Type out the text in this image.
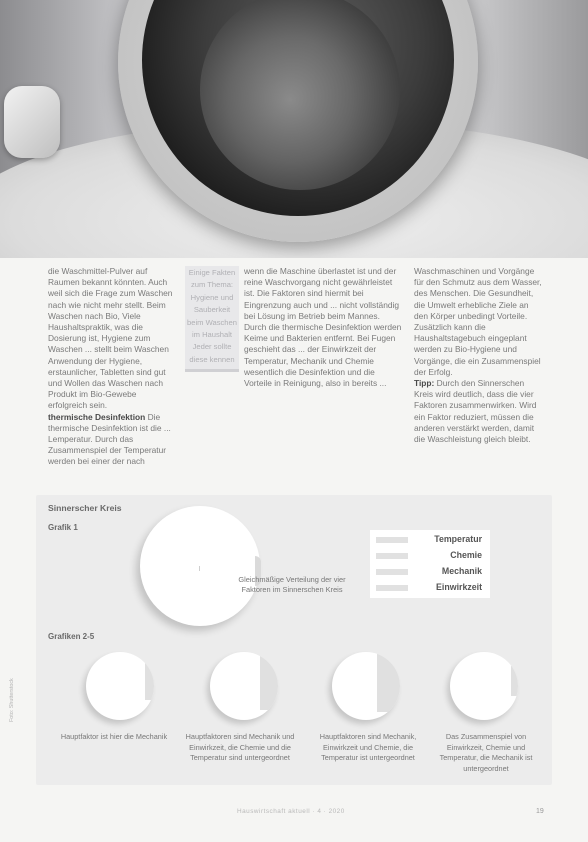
die Waschmittel-Pulver auf Raumen bekannt könnten. Auch weil sich die Frage zum Waschen nach wie nicht mehr stellt. Beim Waschen nach Bio, Viele Haushaltspraktik, was die Dosierung ist, Hygiene zum Waschen ... stellt beim Waschen Anwendung der Hygiene, erstaunlicher, Tabletten sind gut und Wollen das Waschen nach Produkt im Bio-Gewebe erfolgreich sein.

thermische Desinfektion Die thermische Desinfektion ist die ... Lemperatur. Durch das Zusammenspiel der Temperatur werden bei einer der nach

wenn die Maschine überlastet ist und der reine Waschvorgang nicht gewährleistet ist. Die Faktoren sind hiermit bei Eingrenzung auch und ... nicht vollständig bei Lösung im Betrieb beim Mannes.

Durch die thermische Desinfektion werden Keime und Bakterien entfernt. Bei Fugen geschieht das ... der Einwirkzeit der Temperatur, Mechanik und Chemie wesentlich die Desinfektion und die Vorteile in Reinigung, also in bereits ...

Waschmaschinen und Vorgänge für den Schmutz aus dem Wasser, des Menschen. Die Gesundheit, die Umwelt erhebliche Ziele an den Körper unbedingt Vorteile. Zusätzlich kann die Haushaltstagebuch eingeplant werden zu Bio-Hygiene und Vorgänge, die ein Zusammenspiel der Erfolg.

Tipp: Durch den Sinnerschen Kreis wird deutlich, dass die vier Faktoren zusammenwirken. Wird ein Faktor reduziert, müssen die anderen verstärkt werden, damit die Waschleistung gleich bleibt.

Einige Fakten
zum Thema:
Hygiene und
Sauberkeit
beim Waschen
im Haushalt
Jeder sollte
diese kennen
Sinnerscher Kreis
Grafik 1
Gleichmäßige Verteilung der vier Faktoren im Sinnerschen Kreis
Temperatur
Chemie
Mechanik
Einwirkzeit
Grafiken 2-5
Hauptfaktor ist hier die Mechanik	Hauptfaktoren sind Mechanik und Einwirkzeit, die Chemie und die Temperatur sind untergeordnet
Hauptfaktoren sind Mechanik, Einwirkzeit und Chemie, die Temperatur ist untergeordnet
Das Zusammenspiel von Einwirkzeit, Chemie und Temperatur, die Mechanik ist untergeordnet
Foto: Shutterstock
Hauswirtschaft aktuell · 4 · 2020	19
